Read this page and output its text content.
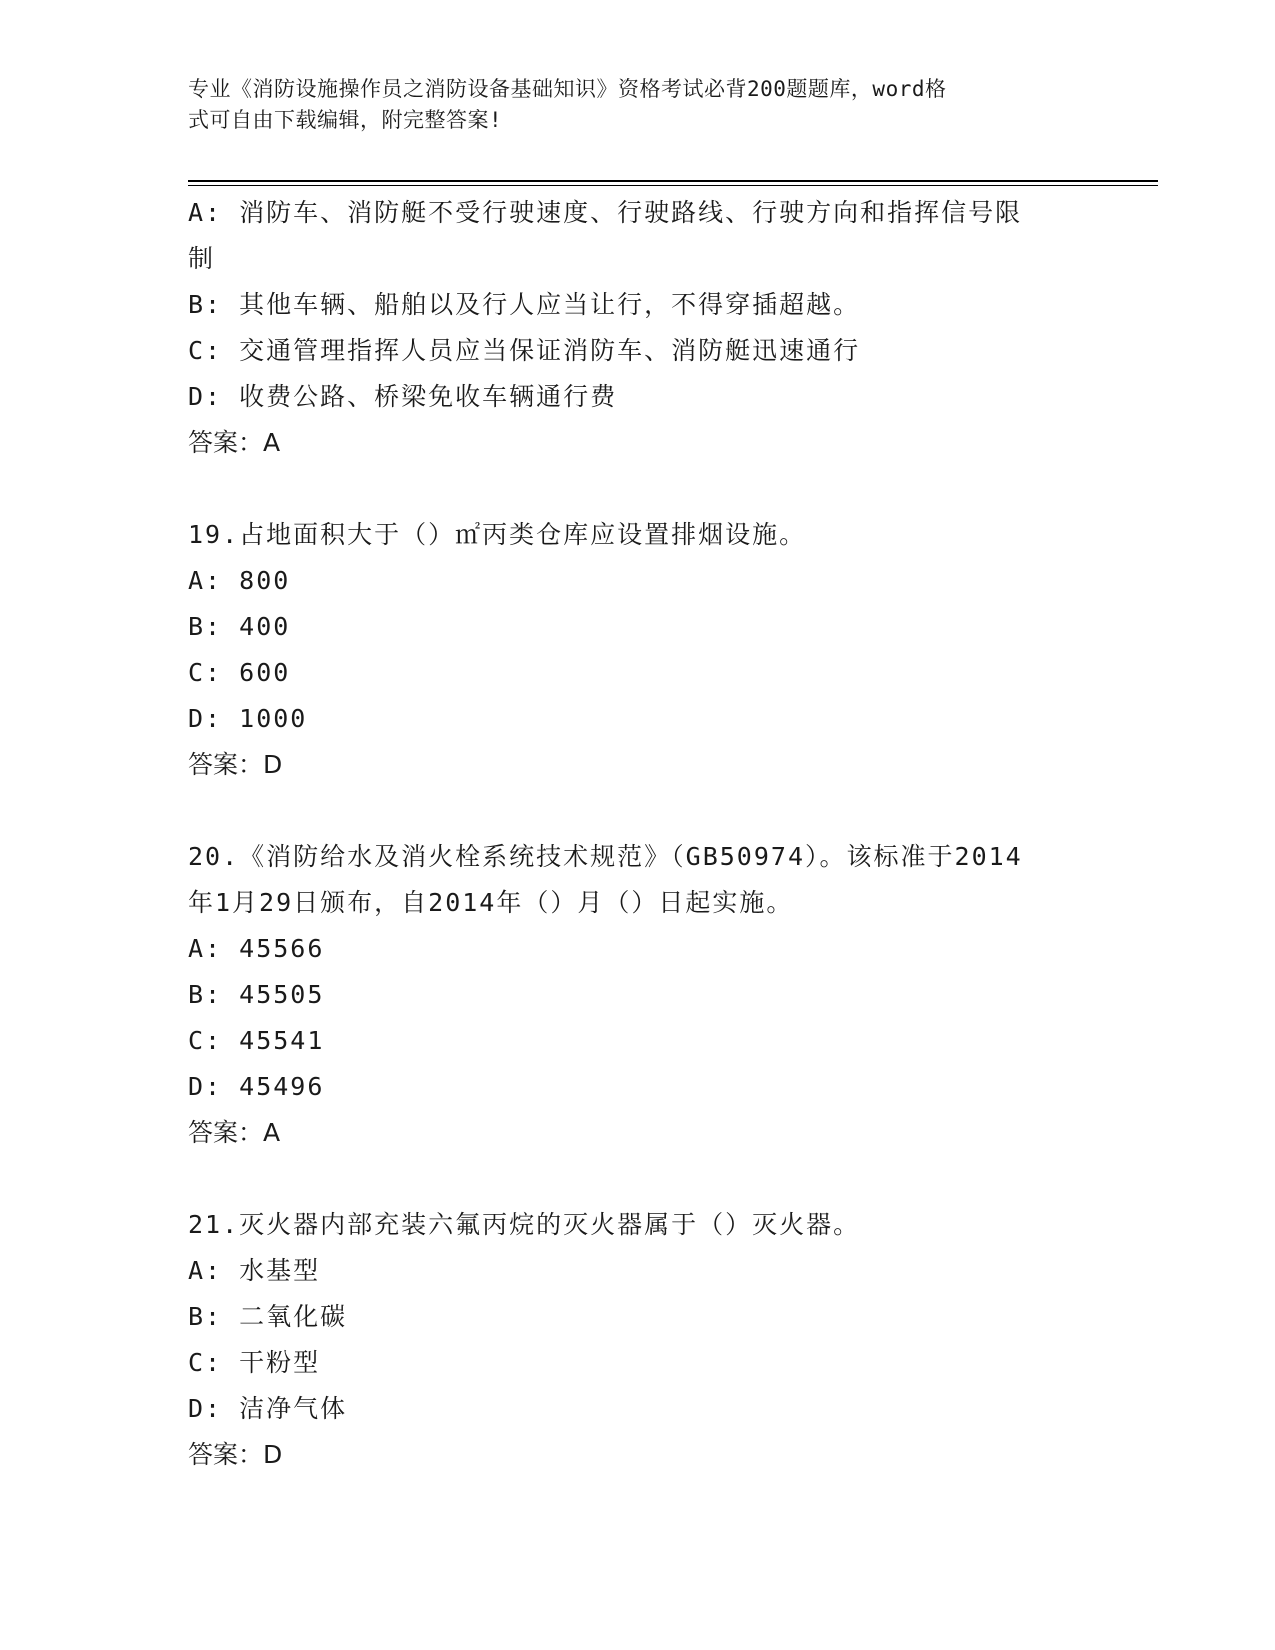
专业《消防设施操作员之消防设备基础知识》资格考试必背200题题库，word格
式可自由下载编辑，附完整答案!
A: 消防车、消防艇不受行驶速度、行驶路线、行驶方向和指挥信号限
制
B: 其他车辆、船舶以及行人应当让行，不得穿插超越。
C: 交通管理指挥人员应当保证消防车、消防艇迅速通行
D: 收费公路、桥梁免收车辆通行费
答案：A
19.占地面积大于（）㎡丙类仓库应设置排烟设施。
A: 800
B: 400
C: 600
D: 1000
答案：D
20.《消防给水及消火栓系统技术规范》（GB50974）。该标准于2014
年1月29日颁布，自2014年（）月（）日起实施。
A: 45566
B: 45505
C: 45541
D: 45496
答案：A
21.灭火器内部充装六氟丙烷的灭火器属于（）灭火器。
A: 水基型
B: 二氧化碳
C: 干粉型
D: 洁净气体
答案：D
